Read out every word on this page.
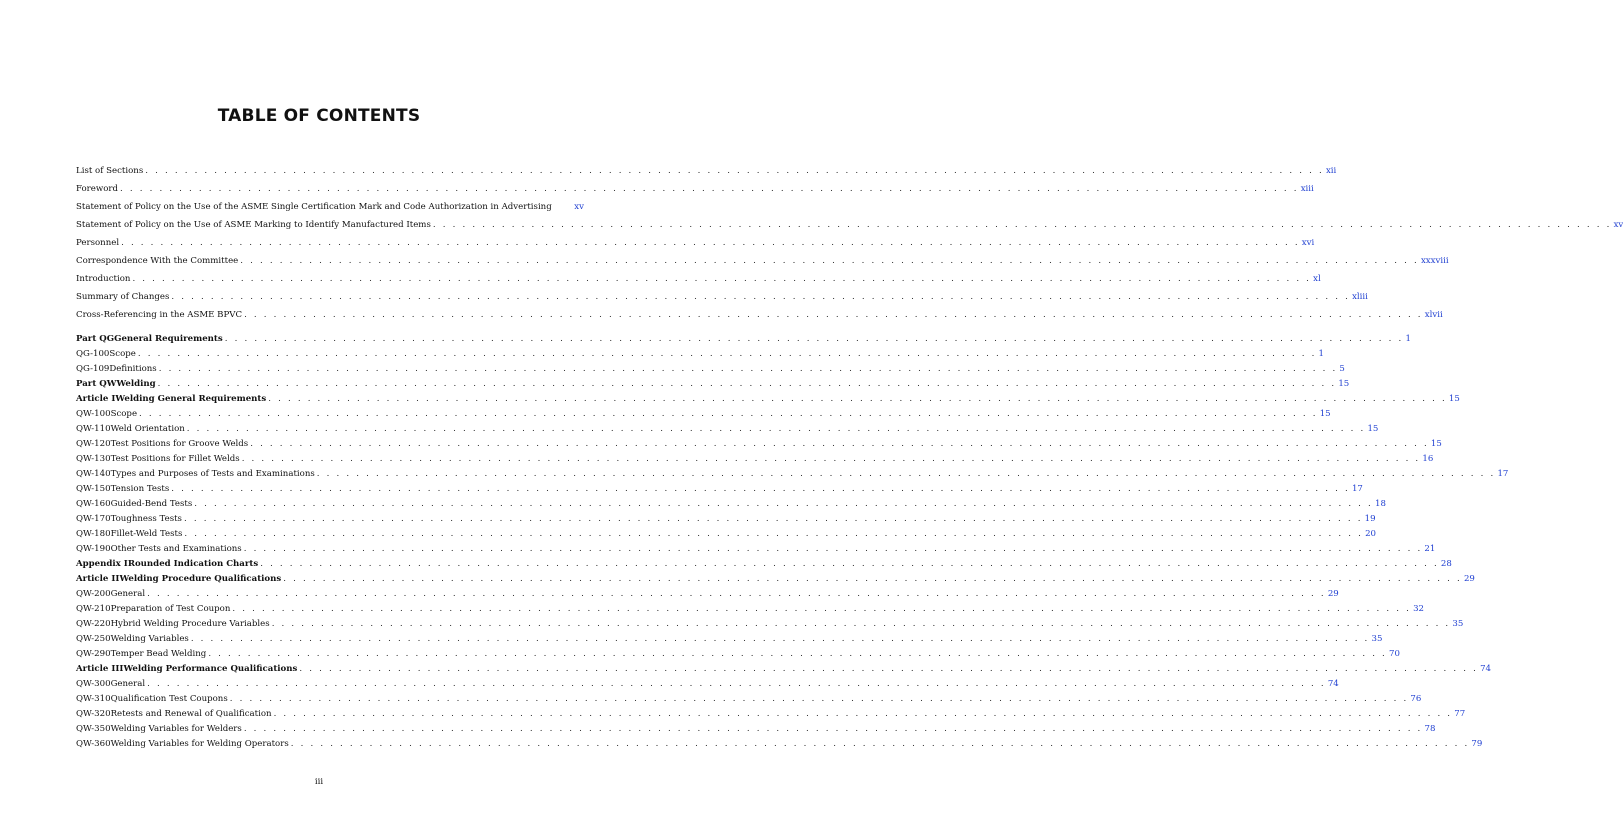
TABLE OF CONTENTS
List of Sections . . . . . . . . . . . . . . . . . . . . . . . . . . . . . . . . . . . . . . . . . . . . . . . . . . . . . . . . . . . . . . . . . . . . . . . . . . . . . . . . . . . . . . . . . . . . . . . . . . . . . . . . . . . . . . . . . . . . . . . . xii
Foreword . . . . . . . . . . . . . . . . . . . . . . . . . . . . . . . . . . . . . . . . . . . . . . . . . . . . . . . . . . . . . . . . . . . . . . . . . . . . . . . . . . . . . . . . . . . . . . . . . . . . . . . . . . . . . . . . . . . . . . . . xiii
Statement of Policy on the Use of the ASME Single Certification Mark and Code Authorization in Advertising	xv
Statement of Policy on the Use of ASME Marking to Identify Manufactured Items . . . . . . . . . . . . . . . . . . . . . . . . . . . . . . . . . . . . . . . . . . . . . . . . . . . . . . . . . . . . . . . . . . . . . . . . . . . . . . . . . . . . . . . . . . . . . . . . . . . . . . . . . . . . . . . . . . . . . . . . xv
Personnel . . . . . . . . . . . . . . . . . . . . . . . . . . . . . . . . . . . . . . . . . . . . . . . . . . . . . . . . . . . . . . . . . . . . . . . . . . . . . . . . . . . . . . . . . . . . . . . . . . . . . . . . . . . . . . . . . . . . . . . . xvi
Correspondence With the Committee . . . . . . . . . . . . . . . . . . . . . . . . . . . . . . . . . . . . . . . . . . . . . . . . . . . . . . . . . . . . . . . . . . . . . . . . . . . . . . . . . . . . . . . . . . . . . . . . . . . . . . . . . . . . . . . . . . . . . . . . xxxviii
Introduction . . . . . . . . . . . . . . . . . . . . . . . . . . . . . . . . . . . . . . . . . . . . . . . . . . . . . . . . . . . . . . . . . . . . . . . . . . . . . . . . . . . . . . . . . . . . . . . . . . . . . . . . . . . . . . . . . . . . . . . . xl
Summary of Changes . . . . . . . . . . . . . . . . . . . . . . . . . . . . . . . . . . . . . . . . . . . . . . . . . . . . . . . . . . . . . . . . . . . . . . . . . . . . . . . . . . . . . . . . . . . . . . . . . . . . . . . . . . . . . . . . . . . . . . . . xliii
Cross-Referencing in the ASME BPVC . . . . . . . . . . . . . . . . . . . . . . . . . . . . . . . . . . . . . . . . . . . . . . . . . . . . . . . . . . . . . . . . . . . . . . . . . . . . . . . . . . . . . . . . . . . . . . . . . . . . . . . . . . . . . . . . . . . . . . . . xlvii
Part QG General Requirements . . . . . . . . . . . . . . . . . . . . . . . . . . . . . . . . . . . . . . . . . . . . . . . . . . . . . . . . . . . . . . . . . . . . . . . . . . . . . . . . . . . . . . . . . . . . . . . . . . . . . . . . . . . . . . . . . . . . . . . . 1
QG-100 Scope . . . . . . . . . . . . . . . . . . . . . . . . . . . . . . . . . . . . . . . . . . . . . . . . . . . . . . . . . . . . . . . . . . . . . . . . . . . . . . . . . . . . . . . . . . . . . . . . . . . . . . . . . . . . . . . . . . . . . . . . 1
QG-109 Definitions . . . . . . . . . . . . . . . . . . . . . . . . . . . . . . . . . . . . . . . . . . . . . . . . . . . . . . . . . . . . . . . . . . . . . . . . . . . . . . . . . . . . . . . . . . . . . . . . . . . . . . . . . . . . . . . . . . . . . . . . 5
Part QW Welding . . . . . . . . . . . . . . . . . . . . . . . . . . . . . . . . . . . . . . . . . . . . . . . . . . . . . . . . . . . . . . . . . . . . . . . . . . . . . . . . . . . . . . . . . . . . . . . . . . . . . . . . . . . . . . . . . . . . . . . . 15
Article I Welding General Requirements . . . . . . . . . . . . . . . . . . . . . . . . . . . . . . . . . . . . . . . . . . . . . . . . . . . . . . . . . . . . . . . . . . . . . . . . . . . . . . . . . . . . . . . . . . . . . . . . . . . . . . . . . . . . . . . . . . . . . . . . 15
QW-100 Scope . . . . . . . . . . . . . . . . . . . . . . . . . . . . . . . . . . . . . . . . . . . . . . . . . . . . . . . . . . . . . . . . . . . . . . . . . . . . . . . . . . . . . . . . . . . . . . . . . . . . . . . . . . . . . . . . . . . . . . . . 15
QW-110 Weld Orientation . . . . . . . . . . . . . . . . . . . . . . . . . . . . . . . . . . . . . . . . . . . . . . . . . . . . . . . . . . . . . . . . . . . . . . . . . . . . . . . . . . . . . . . . . . . . . . . . . . . . . . . . . . . . . . . . . . . . . . . . 15
QW-120 Test Positions for Groove Welds . . . . . . . . . . . . . . . . . . . . . . . . . . . . . . . . . . . . . . . . . . . . . . . . . . . . . . . . . . . . . . . . . . . . . . . . . . . . . . . . . . . . . . . . . . . . . . . . . . . . . . . . . . . . . . . . . . . . . . . . 15
QW-130 Test Positions for Fillet Welds . . . . . . . . . . . . . . . . . . . . . . . . . . . . . . . . . . . . . . . . . . . . . . . . . . . . . . . . . . . . . . . . . . . . . . . . . . . . . . . . . . . . . . . . . . . . . . . . . . . . . . . . . . . . . . . . . . . . . . . . 16
QW-140 Types and Purposes of Tests and Examinations . . . . . . . . . . . . . . . . . . . . . . . . . . . . . . . . . . . . . . . . . . . . . . . . . . . . . . . . . . . . . . . . . . . . . . . . . . . . . . . . . . . . . . . . . . . . . . . . . . . . . . . . . . . . . . . . . . . . . . . . 17
QW-150 Tension Tests . . . . . . . . . . . . . . . . . . . . . . . . . . . . . . . . . . . . . . . . . . . . . . . . . . . . . . . . . . . . . . . . . . . . . . . . . . . . . . . . . . . . . . . . . . . . . . . . . . . . . . . . . . . . . . . . . . . . . . . . 17
QW-160 Guided-Bend Tests . . . . . . . . . . . . . . . . . . . . . . . . . . . . . . . . . . . . . . . . . . . . . . . . . . . . . . . . . . . . . . . . . . . . . . . . . . . . . . . . . . . . . . . . . . . . . . . . . . . . . . . . . . . . . . . . . . . . . . . . 18
QW-170 Toughness Tests . . . . . . . . . . . . . . . . . . . . . . . . . . . . . . . . . . . . . . . . . . . . . . . . . . . . . . . . . . . . . . . . . . . . . . . . . . . . . . . . . . . . . . . . . . . . . . . . . . . . . . . . . . . . . . . . . . . . . . . . 19
QW-180 Fillet-Weld Tests . . . . . . . . . . . . . . . . . . . . . . . . . . . . . . . . . . . . . . . . . . . . . . . . . . . . . . . . . . . . . . . . . . . . . . . . . . . . . . . . . . . . . . . . . . . . . . . . . . . . . . . . . . . . . . . . . . . . . . . . 20
QW-190 Other Tests and Examinations . . . . . . . . . . . . . . . . . . . . . . . . . . . . . . . . . . . . . . . . . . . . . . . . . . . . . . . . . . . . . . . . . . . . . . . . . . . . . . . . . . . . . . . . . . . . . . . . . . . . . . . . . . . . . . . . . . . . . . . . 21
Appendix I Rounded Indication Charts . . . . . . . . . . . . . . . . . . . . . . . . . . . . . . . . . . . . . . . . . . . . . . . . . . . . . . . . . . . . . . . . . . . . . . . . . . . . . . . . . . . . . . . . . . . . . . . . . . . . . . . . . . . . . . . . . . . . . . . . 28
Article II Welding Procedure Qualifications . . . . . . . . . . . . . . . . . . . . . . . . . . . . . . . . . . . . . . . . . . . . . . . . . . . . . . . . . . . . . . . . . . . . . . . . . . . . . . . . . . . . . . . . . . . . . . . . . . . . . . . . . . . . . . . . . . . . . . . . 29
QW-200 General . . . . . . . . . . . . . . . . . . . . . . . . . . . . . . . . . . . . . . . . . . . . . . . . . . . . . . . . . . . . . . . . . . . . . . . . . . . . . . . . . . . . . . . . . . . . . . . . . . . . . . . . . . . . . . . . . . . . . . . . 29
QW-210 Preparation of Test Coupon . . . . . . . . . . . . . . . . . . . . . . . . . . . . . . . . . . . . . . . . . . . . . . . . . . . . . . . . . . . . . . . . . . . . . . . . . . . . . . . . . . . . . . . . . . . . . . . . . . . . . . . . . . . . . . . . . . . . . . . . 32
QW-220 Hybrid Welding Procedure Variables . . . . . . . . . . . . . . . . . . . . . . . . . . . . . . . . . . . . . . . . . . . . . . . . . . . . . . . . . . . . . . . . . . . . . . . . . . . . . . . . . . . . . . . . . . . . . . . . . . . . . . . . . . . . . . . . . . . . . . . . 35
QW-250 Welding Variables . . . . . . . . . . . . . . . . . . . . . . . . . . . . . . . . . . . . . . . . . . . . . . . . . . . . . . . . . . . . . . . . . . . . . . . . . . . . . . . . . . . . . . . . . . . . . . . . . . . . . . . . . . . . . . . . . . . . . . . . 35
QW-290 Temper Bead Welding . . . . . . . . . . . . . . . . . . . . . . . . . . . . . . . . . . . . . . . . . . . . . . . . . . . . . . . . . . . . . . . . . . . . . . . . . . . . . . . . . . . . . . . . . . . . . . . . . . . . . . . . . . . . . . . . . . . . . . . . 70
Article III Welding Performance Qualifications . . . . . . . . . . . . . . . . . . . . . . . . . . . . . . . . . . . . . . . . . . . . . . . . . . . . . . . . . . . . . . . . . . . . . . . . . . . . . . . . . . . . . . . . . . . . . . . . . . . . . . . . . . . . . . . . . . . . . . . . 74
QW-300 General . . . . . . . . . . . . . . . . . . . . . . . . . . . . . . . . . . . . . . . . . . . . . . . . . . . . . . . . . . . . . . . . . . . . . . . . . . . . . . . . . . . . . . . . . . . . . . . . . . . . . . . . . . . . . . . . . . . . . . . . 74
QW-310 Qualification Test Coupons . . . . . . . . . . . . . . . . . . . . . . . . . . . . . . . . . . . . . . . . . . . . . . . . . . . . . . . . . . . . . . . . . . . . . . . . . . . . . . . . . . . . . . . . . . . . . . . . . . . . . . . . . . . . . . . . . . . . . . . . 76
QW-320 Retests and Renewal of Qualification . . . . . . . . . . . . . . . . . . . . . . . . . . . . . . . . . . . . . . . . . . . . . . . . . . . . . . . . . . . . . . . . . . . . . . . . . . . . . . . . . . . . . . . . . . . . . . . . . . . . . . . . . . . . . . . . . . . . . . . . 77
QW-350 Welding Variables for Welders . . . . . . . . . . . . . . . . . . . . . . . . . . . . . . . . . . . . . . . . . . . . . . . . . . . . . . . . . . . . . . . . . . . . . . . . . . . . . . . . . . . . . . . . . . . . . . . . . . . . . . . . . . . . . . . . . . . . . . . . 78
QW-360 Welding Variables for Welding Operators . . . . . . . . . . . . . . . . . . . . . . . . . . . . . . . . . . . . . . . . . . . . . . . . . . . . . . . . . . . . . . . . . . . . . . . . . . . . . . . . . . . . . . . . . . . . . . . . . . . . . . . . . . . . . . . . . . . . . . . . 79
iii
